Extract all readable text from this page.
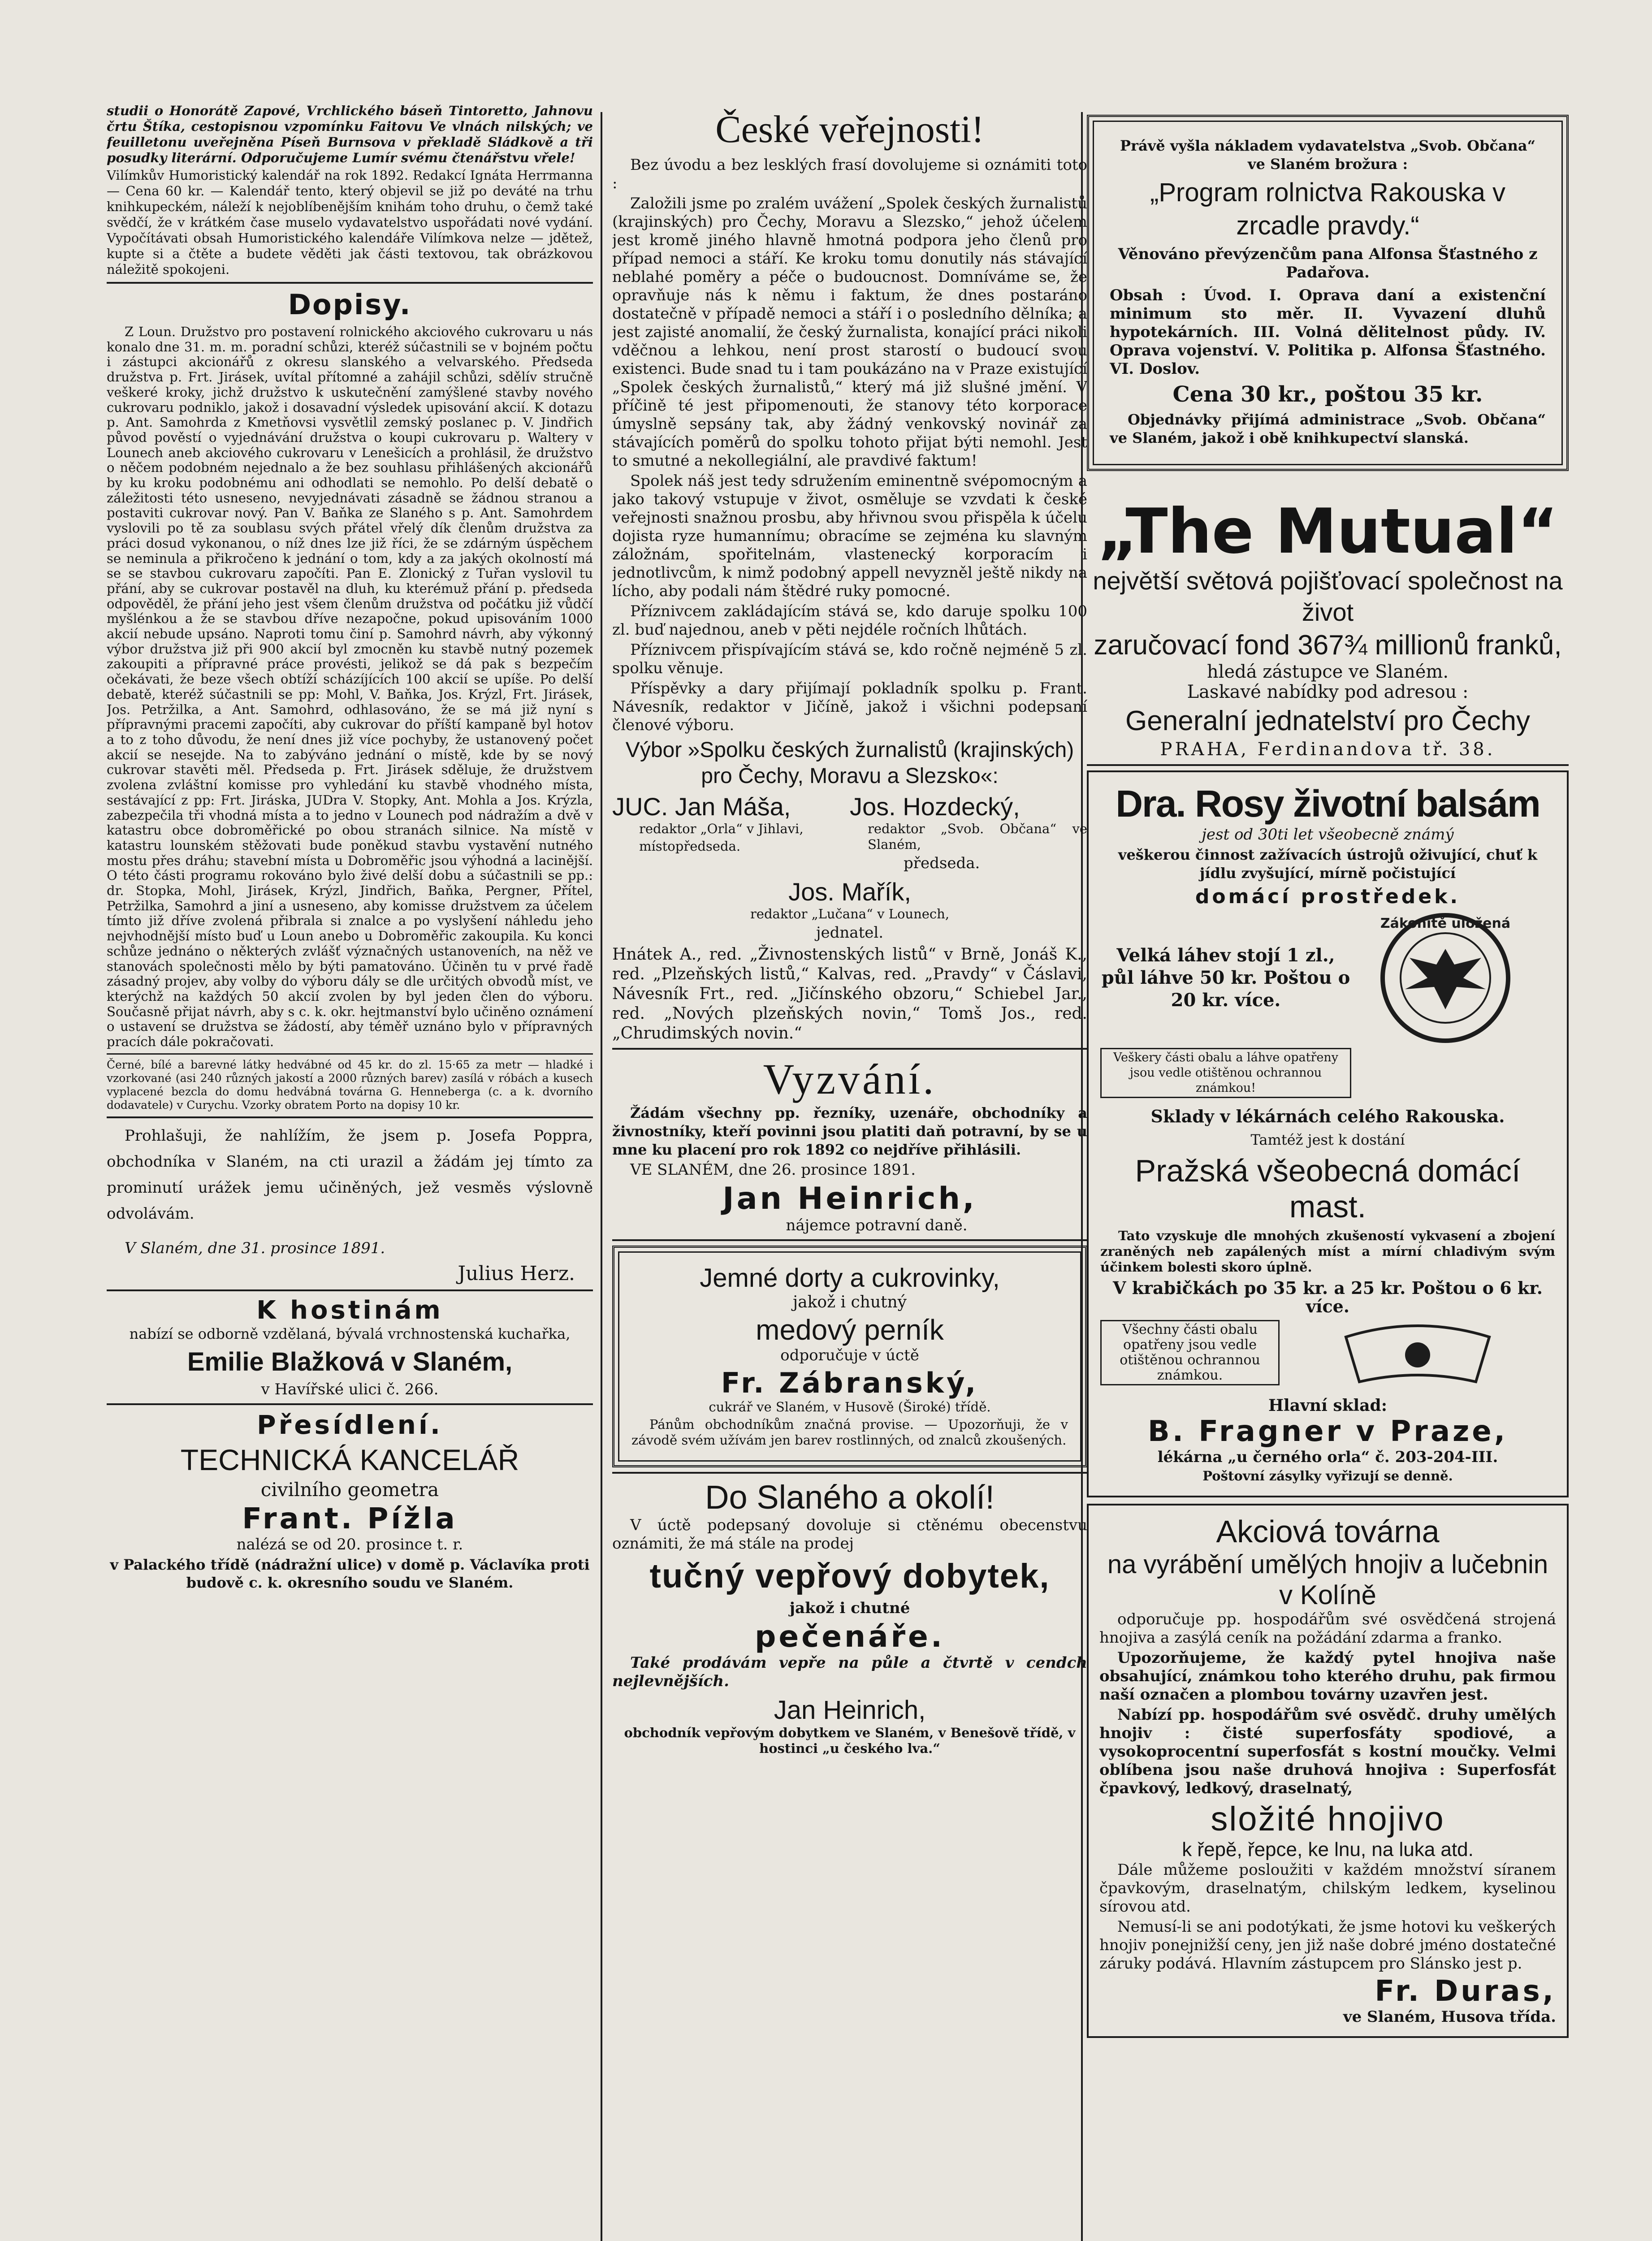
studii o Honorátě Zapové, Vrchlického báseň Tintoretto, Jahnovu črtu Štíka, cestopisnou vzpomínku Faitovu Ve vlnách nilských; ve feuilletonu uveřejněna Píseň Burnsova v překladě Sládkově a tři posudky literární. Odporučujeme Lumír svému čtenářstvu vřele!
Vilímkův Humoristický kalendář na rok 1892. Redakcí Ignáta Herrmanna — Cena 60 kr. — Kalendář tento, který objevil se již po deváté na trhu knihkupeckém, náleží k nejoblíbenějším knihám toho druhu, o čemž také svědčí, že v krátkém čase muselo vydavatelstvo uspořádati nové vydání. Vypočítávati obsah Humoristického kalendáře Vilímkova nelze — jdětež, kupte si a čtěte a budete věděti jak části textovou, tak obrázkovou náležitě spokojeni.
Dopisy.
Z Loun. Družstvo pro postavení rolnického akciového cukrovaru u nás konalo dne 31. m. m. poradní schůzi, kteréž súčastnili se v bojném počtu i zástupci akcionářů z okresu slanského a velvarského. Předseda družstva p. Frt. Jirásek, uvítal přítomné a zahájil schůzi, sdělív stručně veškeré kroky, jichž družstvo k uskutečnění zamýšlené stavby nového cukrovaru podniklo, jakož i dosavadní výsledek upisování akcií. K dotazu p. Ant. Samohrda z Kmetňovsi vysvětlil zemský poslanec p. V. Jindřich původ pověstí o vyjednávání družstva o koupi cukrovaru p. Waltery v Lounech aneb akciového cukrovaru v Lenešicích a prohlásil, že družstvo o něčem podobném nejednalo a že bez souhlasu přihlášených akcionářů by ku kroku podobnému ani odhodlati se nemohlo. Po delší debatě o záležitosti této usneseno, nevyjednávati zásadně se žádnou stranou a postaviti cukrovar nový. Pan V. Baňka ze Slaného s p. Ant. Samohrdem vyslovili po tě za soublasu svých přátel vřelý dík členům družstva za práci dosud vykonanou, o níž dnes lze již říci, že se zdárným úspěchem se neminula a přikročeno k jednání o tom, kdy a za jakých okolností má se se stavbou cukrovaru započíti. Pan E. Zlonický z Tuřan vyslovil tu přání, aby se cukrovar postavěl na dluh, ku kterémuž přání p. předseda odpověděl, že přání jeho jest všem členům družstva od počátku již vůdčí myšlénkou a že se stavbou dříve nezapočne, pokud upisováním 1000 akcií nebude upsáno. Naproti tomu činí p. Samohrd návrh, aby výkonný výbor družstva již při 900 akcií byl zmocněn ku stavbě nutný pozemek zakoupiti a přípravné práce provésti, jelikož se dá pak s bezpečím očekávati, že beze všech obtíží scházíjících 100 akcií se upíše. Po delší debatě, kteréž súčastnili se pp: Mohl, V. Baňka, Jos. Krýzl, Frt. Jirásek, Jos. Petržilka, a Ant. Samohrd, odhlasováno, že se má již nyní s přípravnými pracemi započíti, aby cukrovar do příští kampaně byl hotov a to z toho důvodu, že není dnes již více pochyby, že ustanovený počet akcií se nesejde. Na to zabýváno jednání o místě, kde by se nový cukrovar stavěti měl. Předseda p. Frt. Jirásek sděluje, že družstvem zvolena zvláštní komisse pro vyhledání ku stavbě vhodného místa, sestávající z pp: Frt. Jiráska, JUDra V. Stopky, Ant. Mohla a Jos. Krýzla, zabezpečila tři vhodná místa a to jedno v Lounech pod nádražím a dvě v katastru obce dobroměřické po obou stranách silnice. Na místě v katastru lounském stěžovati bude poněkud stavbu vystavění nutného mostu přes dráhu; stavební místa u Dobroměřic jsou výhodná a lacinější. O této části programu rokováno bylo živé delší dobu a súčastnili se pp.: dr. Stopka, Mohl, Jirásek, Krýzl, Jindřich, Baňka, Pergner, Přítel, Petržilka, Samohrd a jiní a usneseno, aby komisse družstvem za účelem tímto již dříve zvolená přibrala si znalce a po vyslyšení náhledu jeho nejvhodnější místo buď u Loun anebo u Dobroměřic zakoupila. Ku konci schůze jednáno o některých zvlášť význačných ustanoveních, na něž ve stanovách společnosti mělo by býti pamatováno. Účiněn tu v prvé řadě zásadný projev, aby volby do výboru dály se dle určitých obvodů míst, ve kterýchž na každých 50 akcií zvolen by byl jeden člen do výboru. Současně přijat návrh, aby s c. k. okr. hejtmanství bylo učiněno oznámení o ustavení se družstva se žádostí, aby téměř uznáno bylo v přípravných pracích dále pokračovati.
Černé, bílé a barevné látky hedvábné od 45 kr. do zl. 15·65 za metr — hladké i vzorkované (asi 240 různých jakostí a 2000 různých barev) zasílá v róbách a kusech vyplacené bezcla do domu hedvábná továrna G. Henneberga (c. a k. dvorního dodavatele) v Curychu. Vzorky obratem Porto na dopisy 10 kr.
Prohlašuji, že nahlížím, že jsem p. Josefa Poppra, obchodníka v Slaném, na cti urazil a žádám jej tímto za prominutí urážek jemu učiněných, jež vesměs výslovně odvolávám.
V Slaném, dne 31. prosince 1891.
Julius Herz.
K hostinám
nabízí se odborně vzdělaná, bývalá vrchnostenská kuchařka,
Emilie Blažková v Slaném,
v Havířské ulici č. 266.
Přesídlení.
TECHNICKÁ KANCELÁŘ
civilního geometra
Frant. Pížla
nalézá se od 20. prosince t. r.
v Palackého třídě (nádražní ulice) v domě p. Václavíka proti budově c. k. okresního soudu ve Slaném.
České veřejnosti!
Bez úvodu a bez lesklých frasí dovolujeme si oznámiti toto :
Založili jsme po zralém uvážení „Spolek českých žurnalistů (krajinských) pro Čechy, Moravu a Slezsko,“ jehož účelem jest kromě jiného hlavně hmotná podpora jeho členů pro případ nemoci a stáří. Ke kroku tomu donutily nás stávající neblahé poměry a péče o budoucnost. Domníváme se, že opravňuje nás k němu i faktum, že dnes postaráno dostatečně v případě nemoci a stáří i o posledního dělníka; a jest zajisté anomalií, že český žurnalista, konající práci nikoli vděčnou a lehkou, není prost starostí o budoucí svou existenci. Bude snad tu i tam poukázáno na v Praze existující „Spolek českých žurnalistů,“ který má již slušné jmění. V příčině té jest připomenouti, že stanovy této korporace úmyslně sepsány tak, aby žádný venkovský novinář za stávajících poměrů do spolku tohoto přijat býti nemohl. Jest to smutné a nekollegiální, ale pravdivé faktum!
Spolek náš jest tedy sdružením eminentně svépomocným a jako takový vstupuje v život, osměluje se vzvdati k české veřejnosti snažnou prosbu, aby hřivnou svou přispěla k účelu dojista ryze humannímu; obracíme se zejména ku slavným záložnám, spořitelnám, vlastenecký korporacím i jednotlivcům, k nimž podobný appell nevyzněl ještě nikdy na lícho, aby podali nám štědré ruky pomocné.
Příznivcem zakládajícím stává se, kdo daruje spolku 100 zl. buď najednou, aneb v pěti nejdéle ročních lhůtách.
Příznivcem přispívajícím stává se, kdo ročně nejméně 5 zl. spolku věnuje.
Příspěvky a dary přijímají pokladník spolku p. Frant. Návesník, redaktor v Jičíně, jakož i všichni podepsaní členové výboru.
Výbor »Spolku českých žurnalistů (krajinských) pro Čechy, Moravu a Slezsko«:
JUC. Jan Máša,
redaktor „Orla“ v Jihlavi,
místopředseda.
Jos. Hozdecký,
redaktor „Svob. Občana“ ve Slaném,
předseda.
Jos. Mařík,
redaktor „Lučana“ v Lounech,
jednatel.
Hnátek A., red. „Živnostenských listů“ v Brně, Jonáš K., red. „Plzeňských listů,“ Kalvas, red. „Pravdy“ v Čáslavi, Návesník Frt., red. „Jičínského obzoru,“ Schiebel Jar., red. „Nových plzeňských novin,“ Tomš Jos., red. „Chrudimských novin.“
Vyzvání.
Žádám všechny pp. řezníky, uzenáře, obchodníky a živnostníky, kteří povinni jsou platiti daň potravní, by se u mne ku placení pro rok 1892 co nejdříve přihlásili.
VE SLANÉM, dne 26. prosince 1891.
Jan Heinrich,
nájemce potravní daně.
Jemné dorty a cukrovinky,
jakož i chutný
medový perník
odporučuje v úctě
Fr. Zábranský,
cukrář ve Slaném, v Husově (Široké) třídě.
Pánům obchodníkům značná provise. — Upozorňuji, že v závodě svém užívám jen barev rostlinných, od znalců zkoušených.
Do Slaného a okolí!
V úctě podepsaný dovoluje si ctěnému obecenstvu oznámiti, že má stále na prodej
tučný vepřový dobytek,
jakož i chutné
pečenáře.
Také prodávám vepře na půle a čtvrtě v cendch nejlevnějších.
Jan Heinrich,
obchodník vepřovým dobytkem ve Slaném, v Benešově třídě, v hostinci „u českého lva.“
Právě vyšla nákladem vydavatelstva „Svob. Občana“ ve Slaném brožura :
„Program rolnictva Rakouska v zrcadle pravdy.“
Věnováno převýzenčům pana Alfonsa Šťastného z Padařova.
Obsah : Úvod. I. Oprava daní a existenční minimum sto měr. II. Vyvazení dluhů hypotekárních. III. Volná dělitelnost půdy. IV. Oprava vojenství. V. Politika p. Alfonsa Šťastného. VI. Doslov.
Cena 30 kr., poštou 35 kr.
Objednávky přijímá administrace „Svob. Občana“ ve Slaném, jakož i obě knihkupectví slanská.
„The Mutual“
největší světová pojišťovací společnost na život
zaručovací fond 367¾ millionů franků,
hledá zástupce ve Slaném.
Laskavé nabídky pod adresou :
Generalní jednatelství pro Čechy
PRAHA, Ferdinandova tř. 38.
Dra. Rosy životní balsám
jest od 30ti let všeobecně známý
veškerou činnost zažívacích ústrojů oživující, chuť k jídlu zvyšující, mírně počistující
domácí prostředek.
Velká láhev stojí 1 zl., půl láhve 50 kr. Poštou o 20 kr. více.
Zákonitě uložená
Veškery části obalu a láhve opatřeny jsou vedle otištěnou ochrannou známkou!
Sklady v lékárnách celého Rakouska.
Tamtéž jest k dostání
Pražská všeobecná domácí mast.
Tato vzyskuje dle mnohých zkušeností vykvasení a zbojení zraněných neb zapálených míst a mírní chladivým svým účinkem bolesti skoro úplně.
V krabičkách po 35 kr. a 25 kr. Poštou o 6 kr. více.
Všechny části obalu opatřeny jsou vedle otištěnou ochrannou známkou.
Hlavní sklad:
B. Fragner v Praze,
lékárna „u černého orla“ č. 203-204-III.
Poštovní zásylky vyřizují se denně.
Akciová továrna
na vyrábění umělých hnojiv a lučebnin
v Kolíně
odporučuje pp. hospodářům své osvědčená strojená hnojiva a zasýlá ceník na požádání zdarma a franko.
Upozorňujeme, že každý pytel hnojiva naše obsahující, známkou toho kterého druhu, pak firmou naší označen a plombou továrny uzavřen jest.
Nabízí pp. hospodářům své osvědč. druhy umělých hnojiv : čisté superfosfáty spodiové, a vysokoprocentní superfosfát s kostní moučky. Velmi oblíbena jsou naše druhová hnojiva : Superfosfát čpavkový, ledkový, draselnatý,
složité hnojivo
k řepě, řepce, ke lnu, na luka atd.
Dále můžeme posloužiti v každém množství síranem čpavkovým, draselnatým, chilským ledkem, kyselinou sírovou atd.
Nemusí-li se ani podotýkati, že jsme hotovi ku veškerých hnojiv ponejnižší ceny, jen již naše dobré jméno dostatečné záruky podává. Hlavním zástupcem pro Slánsko jest p.
Fr. Duras,
ve Slaném, Husova třída.
